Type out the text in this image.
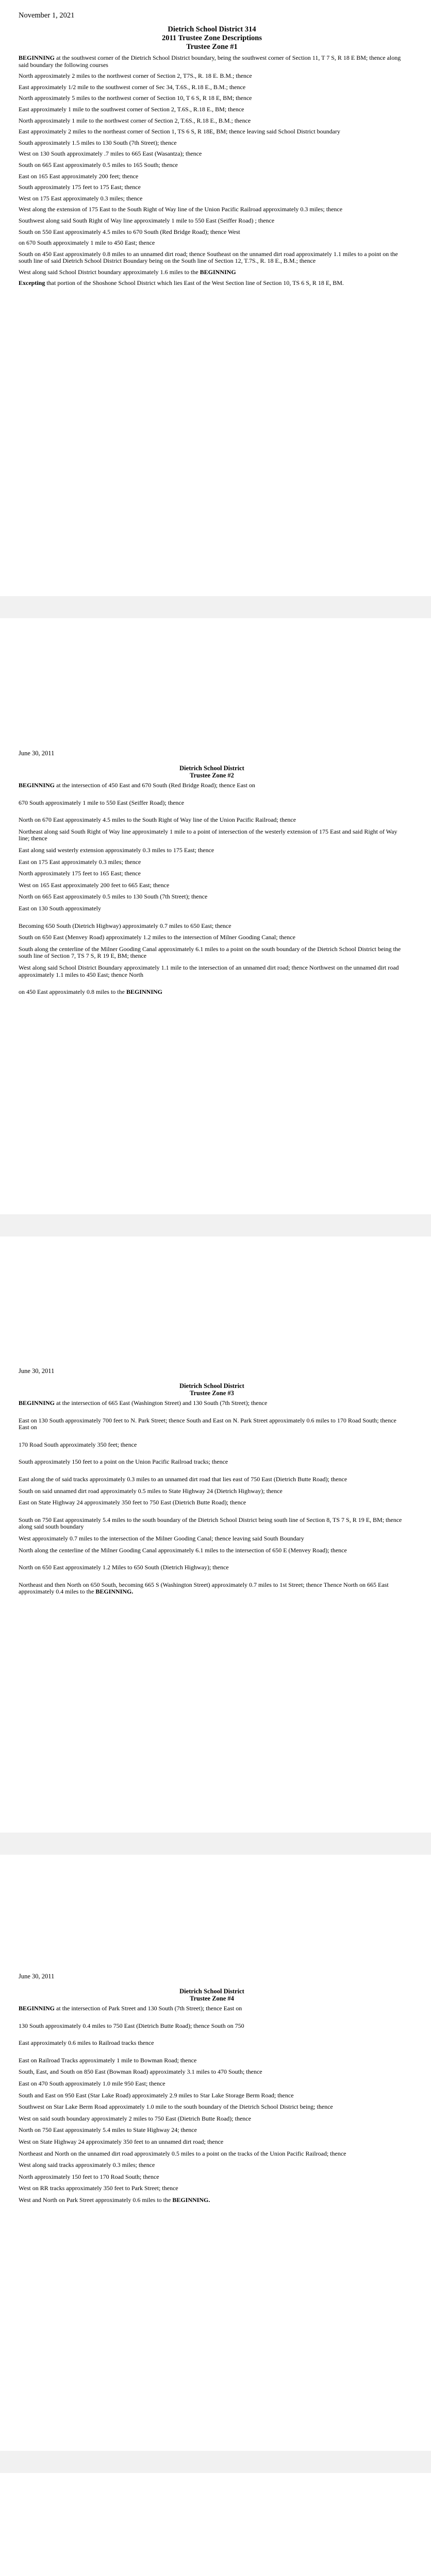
November 1, 2021
Dietrich School District 314
2011 Trustee Zone Descriptions
Trustee Zone #1

BEGINNING at the southwest corner of the Dietrich School District boundary, being the southwest corner of Section 11, T 7 S, R 18 E BM; thence along said boundary the following courses

North approximately 2 miles to the northwest corner of Section 2, T7S., R. 18 E. B.M.; thence

East approximately 1/2 mile to the southwest corner of Sec 34, T.6S., R.18 E., B.M.; thence

North approximately 5 miles to the northwest corner of Section 10, T 6 S, R 18 E, BM; thence

East approximately 1 mile to the southwest corner of Section 2, T.6S., R.18 E., BM; thence

North approximately 1 mile to the northwest corner of Section 2, T.6S., R.18 E., B.M.; thence

East approximately 2 miles to the northeast corner of Section 1, TS 6 S, R 18E, BM; thence leaving said School District boundary

South approximately 1.5 miles to 130 South (7th Street); thence

West on 130 South approximately .7 miles to 665 East (Wasantza); thence

South on 665 East approximately 0.5 miles to 165 South; thence

East on 165 East approximately 200 feet; thence

South approximately 175 feet to 175 East; thence

West on 175 East approximately 0.3 miles; thence

West along the extension of 175 East to the South Right of Way line of the Union Pacific Railroad approximately 0.3 miles; thence

Southwest along said South Right of Way line approximately 1 mile to 550 East (Seiffer Road) ; thence

South on 550 East approximately 4.5 miles to 670 South (Red Bridge Road); thence West

on 670 South approximately 1 mile to 450 East; thence

South on 450 East approximately 0.8 miles to an unnamed dirt road; thence Southeast on the unnamed dirt road approximately 1.1 miles to a point on the south line of said Dietrich School District Boundary being on the South line of Section 12, T.7S., R. 18 E., B.M.; thence

West along said School District boundary approximately 1.6 miles to the BEGINNING

Excepting that portion of the Shoshone School District which lies East of the West Section line of Section 10, TS 6 S, R 18 E, BM.

June 30, 2011
Dietrich School District
Trustee Zone #2

BEGINNING at the intersection of 450 East and 670 South (Red Bridge Road); thence East on

670 South approximately 1 mile to 550 East (Seiffer Road); thence

North on 670 East approximately 4.5 miles to the South Right of Way line of the Union Pacific Railroad; thence

Northeast along said South Right of Way line approximately 1 mile to a point of intersection of the westerly extension of 175 East and said Right of Way line; thence

East along said westerly extension approximately 0.3 miles to 175 East; thence

East on 175 East approximately 0.3 miles; thence

North approximately 175 feet to 165 East; thence

West on 165 East approximately 200 feet to 665 East; thence

North on 665 East approximately 0.5 miles to 130 South (7th Street); thence

East on 130 South approximately

Becoming 650 South (Dietrich Highway) approximately 0.7 miles to 650 East; thence

South on 650 East (Menvey Road) approximately 1.2 miles to the intersection of Milner Gooding Canal; thence

South along the centerline of the Milner Gooding Canal approximately 6.1 miles to a point on the south boundary of the Dietrich School District being the south line of Section 7, TS 7 S, R 19 E, BM; thence

West along said School District Boundary approximately 1.1 mile to the intersection of an unnamed dirt road; thence Northwest on the unnamed dirt road approximately 1.1 miles to 450 East; thence North

on 450 East approximately 0.8 miles to the BEGINNING

June 30, 2011
Dietrich School District
Trustee Zone #3

BEGINNING at the intersection of 665 East (Washington Street) and 130 South (7th Street); thence

East on 130 South approximately 700 feet to N. Park Street; thence South and East on N. Park Street approximately 0.6 miles to 170 Road South; thence East on

170 Road South approximately 350 feet; thence

South approximately 150 feet to a point on the Union Pacific Railroad tracks; thence

East along the of said tracks approximately 0.3 miles to an unnamed dirt road that lies east of 750 East (Dietrich Butte Road); thence

South on said unnamed dirt road approximately 0.5 miles to State Highway 24 (Dietrich Highway); thence

East on State Highway 24 approximately 350 feet to 750 East (Dietrich Butte Road); thence

South on 750 East approximately 5.4 miles to the south boundary of the Dietrich School District being south line of Section 8, TS 7 S, R 19 E, BM; thence along said south boundary

West approximately 0.7 miles to the intersection of the Milner Gooding Canal; thence leaving said South Boundary

North along the centerline of the Milner Gooding Canal approximately 6.1 miles to the intersection of 650 E (Menvey Road); thence

North on 650 East approximately 1.2 Miles to 650 South (Dietrich Highway); thence

Northeast and then North on 650 South, becoming 665 S (Washington Street) approximately 0.7 miles to 1st Street; thence Thence North on 665 East approximately 0.4 miles to the BEGINNING.

June 30, 2011
Dietrich School District
Trustee Zone #4

BEGINNING at the intersection of Park Street and 130 South (7th Street); thence East on

130 South approximately 0.4 miles to 750 East (Dietrich Butte Road); thence South on 750

East approximately 0.6 miles to Railroad tracks thence

East on Railroad Tracks approximately 1 mile to Bowman Road; thence

South, East, and South on 850 East (Bowman Road) approximately 3.1 miles to 470 South; thence

East on 470 South approximately 1.0 mile 950 East; thence

South and East on 950 East (Star Lake Road) approximately 2.9 miles to Star Lake Storage Berm Road; thence

Southwest on Star Lake Berm Road approximately 1.0 mile to the south boundary of the Dietrich School District being; thence

West on said south boundary approximately 2 miles to 750 East (Dietrich Butte Road); thence

North on 750 East approximately 5.4 miles to State Highway 24; thence

West on State Highway 24 approximately 350 feet to an unnamed dirt road; thence

Northeast and North on the unnamed dirt road approximately 0.5 miles to a point on the tracks of the Union Pacific Railroad; thence

West along said tracks approximately 0.3 miles; thence

North approximately 150 feet to 170 Road South; thence

West on RR tracks approximately 350 feet to Park Street; thence

West and North on Park Street approximately 0.6 miles to the BEGINNING.
